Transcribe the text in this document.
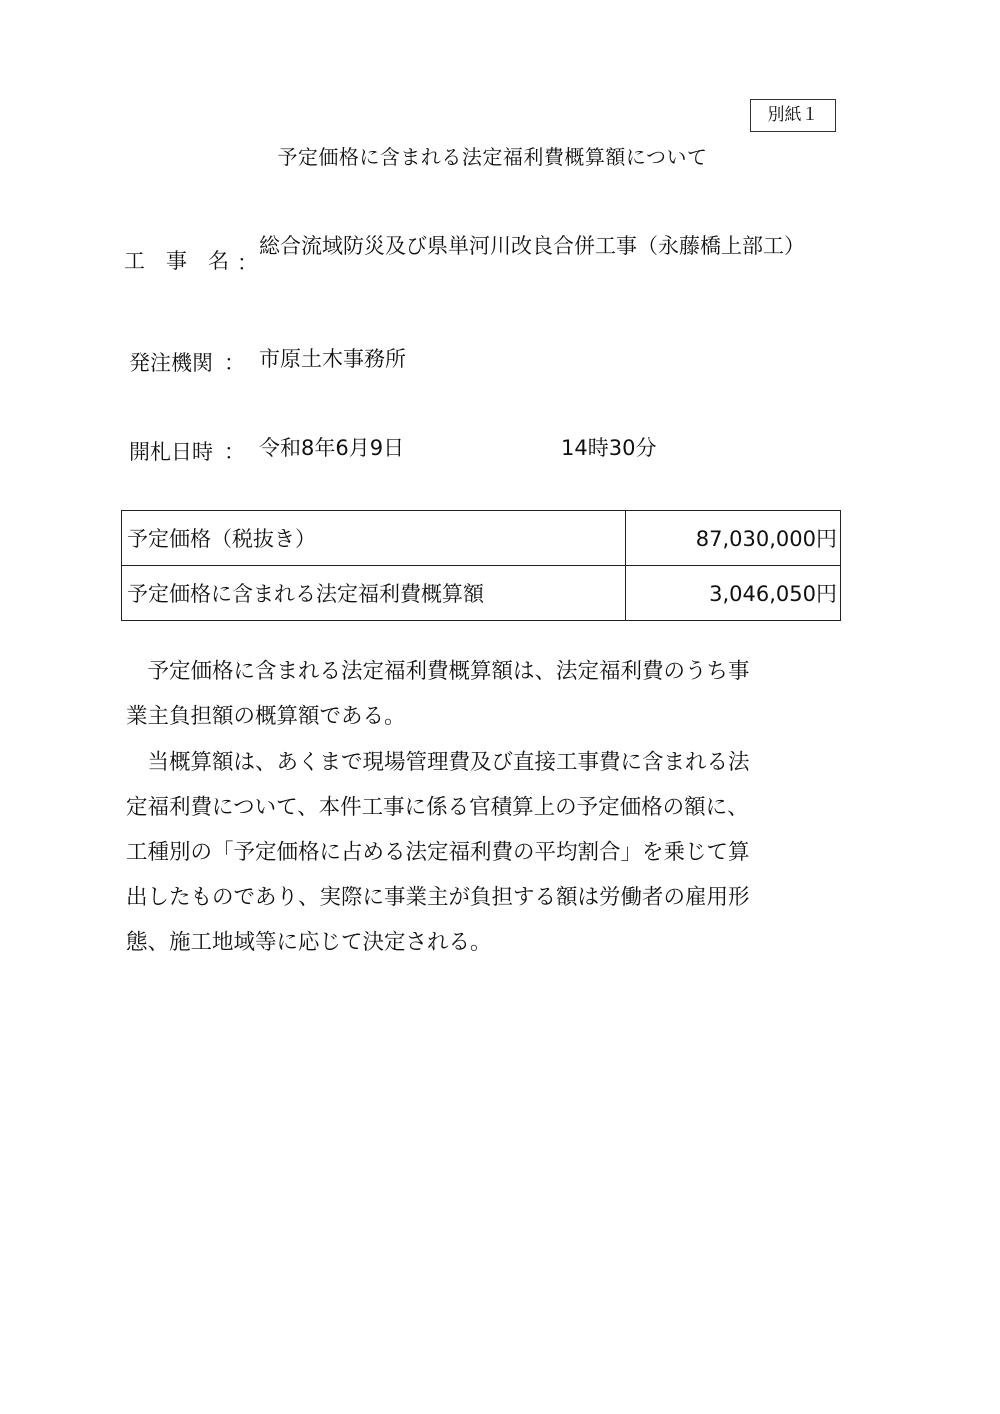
別紙１
予定価格に含まれる法定福利費概算額について
工　事　名 ：
総合流域防災及び県単河川改良合併工事（永藤橋上部工）
発注機関 ： 市原土木事務所
開札日時 ： 令和8年6月9日	14時30分
予定価格（税抜き）	87,030,000円
予定価格に含まれる法定福利費概算額	3,046,050円

予定価格に含まれる法定福利費概算額は、法定福利費のうち事業主負担額の概算額である。

当概算額は、あくまで現場管理費及び直接工事費に含まれる法定福利費について、本件工事に係る官積算上の予定価格の額に、工種別の「予定価格に占める法定福利費の平均割合」を乗じて算出したものであり、実際に事業主が負担する額は労働者の雇用形態、施工地域等に応じて決定される。
